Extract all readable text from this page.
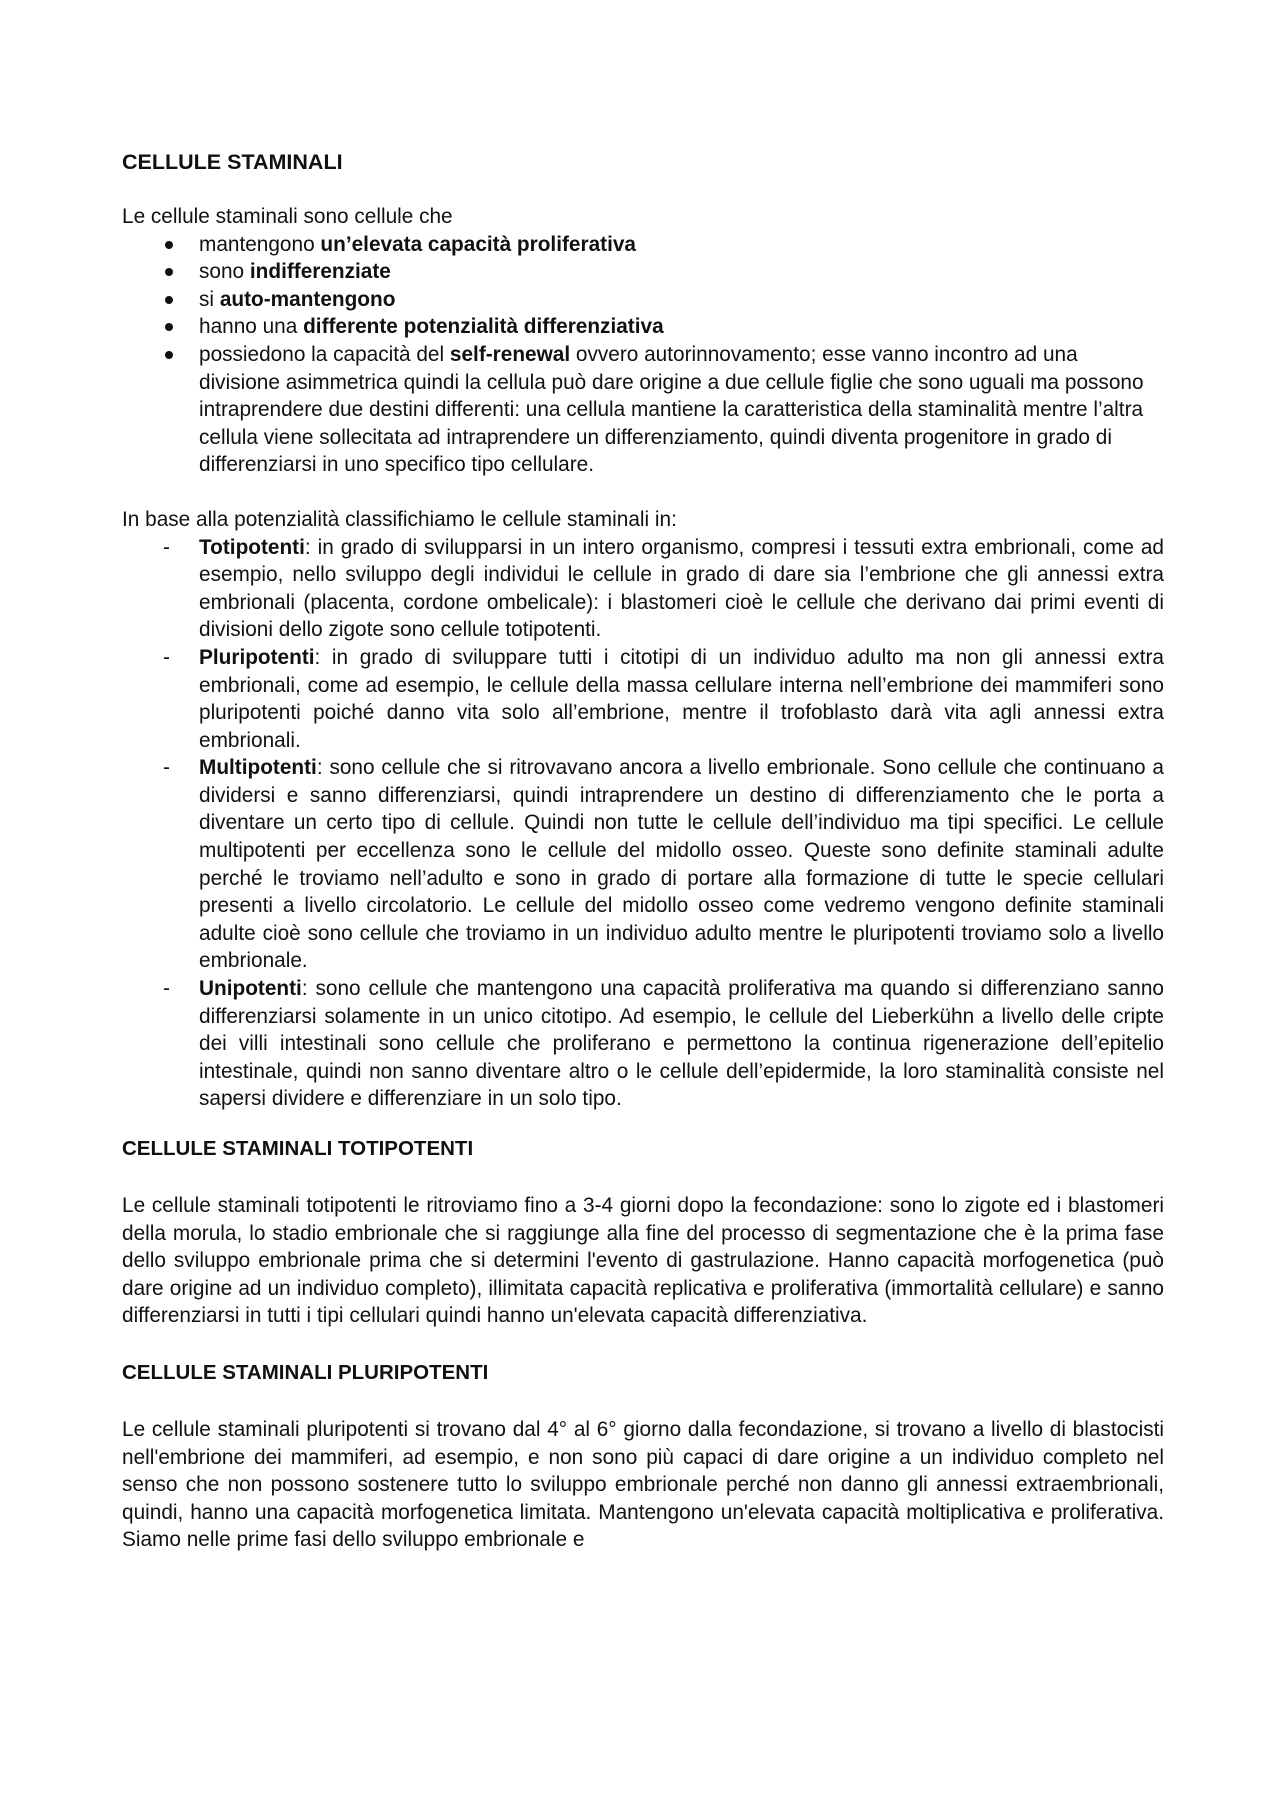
CELLULE STAMINALI

Le cellule staminali sono cellule che

mantengono un’elevata capacità proliferativa
sono indifferenziate
si auto-mantengono
hanno una differente potenzialità differenziativa
possiedono la capacità del self-renewal ovvero autorinnovamento; esse vanno incontro ad una divisione asimmetrica quindi la cellula può dare origine a due cellule figlie che sono uguali ma possono intraprendere due destini differenti: una cellula mantiene la caratteristica della staminalità mentre l’altra cellula viene sollecitata ad intraprendere un differenziamento, quindi diventa progenitore in grado di differenziarsi in uno specifico tipo cellulare.

In base alla potenzialità classifichiamo le cellule staminali in:

- Totipotenti: in grado di svilupparsi in un intero organismo, compresi i tessuti extra embrionali, come ad esempio, nello sviluppo degli individui le cellule in grado di dare sia l’embrione che gli annessi extra embrionali (placenta, cordone ombelicale): i blastomeri cioè le cellule che derivano dai primi eventi di divisioni dello zigote sono cellule totipotenti.
- Pluripotenti: in grado di sviluppare tutti i citotipi di un individuo adulto ma non gli annessi extra embrionali, come ad esempio, le cellule della massa cellulare interna nell’embrione dei mammiferi sono pluripotenti poiché danno vita solo all’embrione, mentre il trofoblasto darà vita agli annessi extra embrionali.
- Multipotenti: sono cellule che si ritrovavano ancora a livello embrionale. Sono cellule che continuano a dividersi e sanno differenziarsi, quindi intraprendere un destino di differenziamento che le porta a diventare un certo tipo di cellule. Quindi non tutte le cellule dell’individuo ma tipi specifici. Le cellule multipotenti per eccellenza sono le cellule del midollo osseo. Queste sono definite staminali adulte perché le troviamo nell’adulto e sono in grado di portare alla formazione di tutte le specie cellulari presenti a livello circolatorio. Le cellule del midollo osseo come vedremo vengono definite staminali adulte cioè sono cellule che troviamo in un individuo adulto mentre le pluripotenti troviamo solo a livello embrionale.
- Unipotenti: sono cellule che mantengono una capacità proliferativa ma quando si differenziano sanno differenziarsi solamente in un unico citotipo. Ad esempio, le cellule del Lieberkühn a livello delle cripte dei villi intestinali sono cellule che proliferano e permettono la continua rigenerazione dell’epitelio intestinale, quindi non sanno diventare altro o le cellule dell’epidermide, la loro staminalità consiste nel sapersi dividere e differenziare in un solo tipo.
CELLULE STAMINALI TOTIPOTENTI

Le cellule staminali totipotenti le ritroviamo fino a 3-4 giorni dopo la fecondazione: sono lo zigote ed i blastomeri della morula, lo stadio embrionale che si raggiunge alla fine del processo di segmentazione che è la prima fase dello sviluppo embrionale prima che si determini l'evento di gastrulazione. Hanno capacità morfogenetica (può dare origine ad un individuo completo), illimitata capacità replicativa e proliferativa (immortalità cellulare) e sanno differenziarsi in tutti i tipi cellulari quindi hanno un'elevata capacità differenziativa.

CELLULE STAMINALI PLURIPOTENTI

Le cellule staminali pluripotenti si trovano dal 4° al 6° giorno dalla fecondazione, si trovano a livello di blastocisti nell'embrione dei mammiferi, ad esempio, e non sono più capaci di dare origine a un individuo completo nel senso che non possono sostenere tutto lo sviluppo embrionale perché non danno gli annessi extraembrionali, quindi, hanno una capacità morfogenetica limitata. Mantengono un'elevata capacità moltiplicativa e proliferativa. Siamo nelle prime fasi dello sviluppo embrionale e
